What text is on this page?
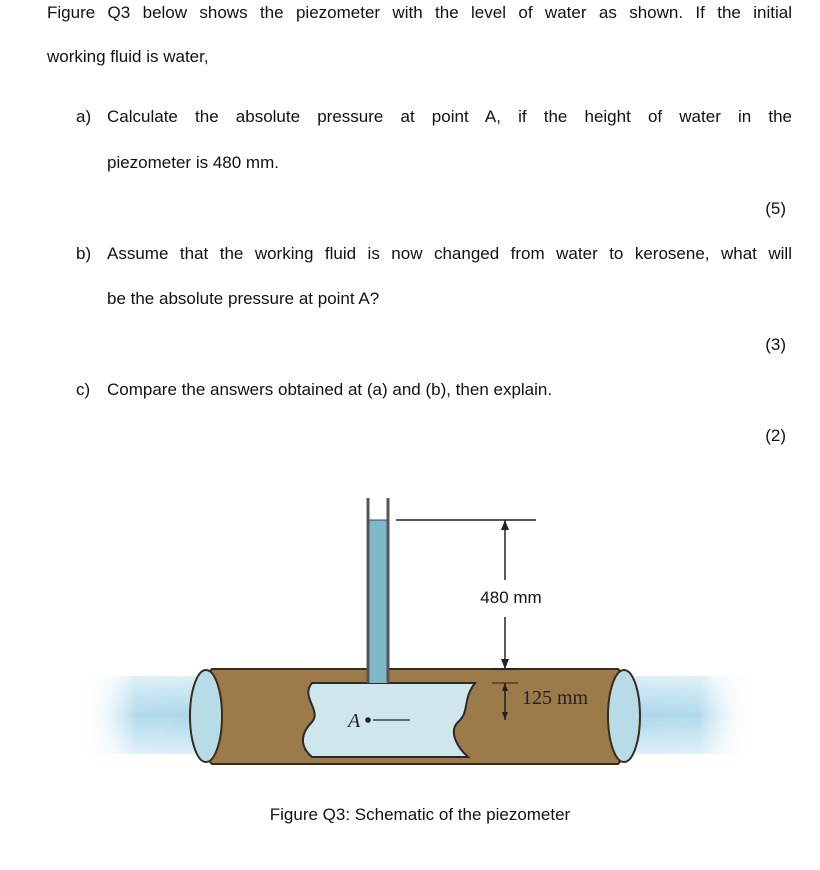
Figure Q3 below shows the piezometer with the level of water as shown. If the initial

working fluid is water,

a) Calculate the absolute pressure at point A, if the height of water in the

piezometer is 480 mm.

(5)
b) Assume that the working fluid is now changed from water to kerosene, what will

be the absolute pressure at point A?

(3)
c) Compare the answers obtained at (a) and (b), then explain.

(2)
480 mm
125 mm
A
Figure Q3: Schematic of the piezometer
